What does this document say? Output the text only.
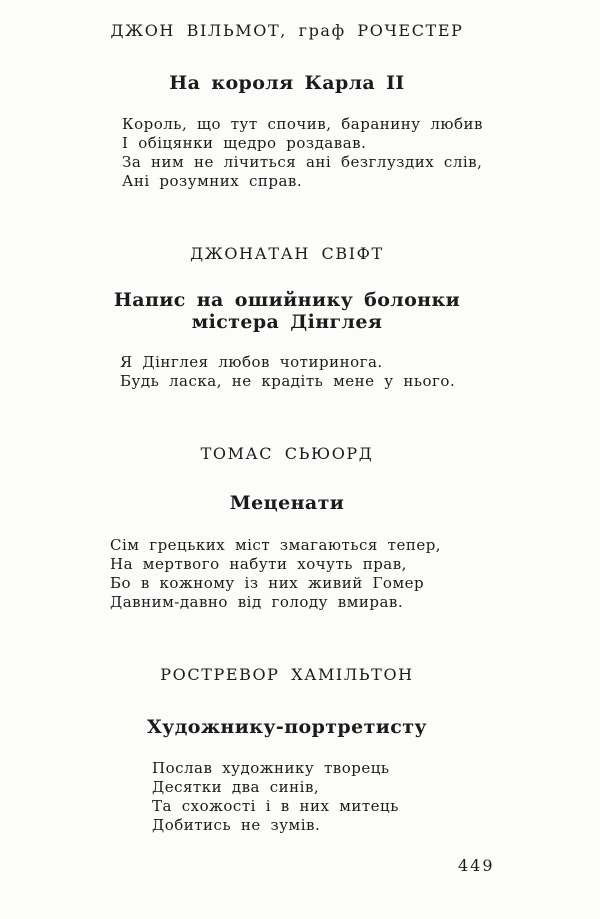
ДЖОН ВІЛЬМОТ, граф РОЧЕСТЕР
На короля Карла II
Король, що тут спочив, баранину любив
І обіцянки щедро роздавав.
За ним не лічиться ані безглуздих слів,
Ані розумних справ.
ДЖОНАТАН СВІФТ
Напис на ошийнику болонки
містера Дінглея
Я Дінглея любов чотиринога.
Будь ласка, не крадіть мене у нього.
ТОМАС СЬЮОРД
Меценати
Сім грецьких міст змагаються тепер,
На мертвого набути хочуть прав,
Бо в кожному із них живий Гомер
Давним-давно від голоду вмирав.
РОСТРЕВОР ХАМІЛЬТОН
Художнику-портретисту
Послав художнику творець
Десятки два синів,
Та схожості і в них митець
Добитись не зумів.
449
